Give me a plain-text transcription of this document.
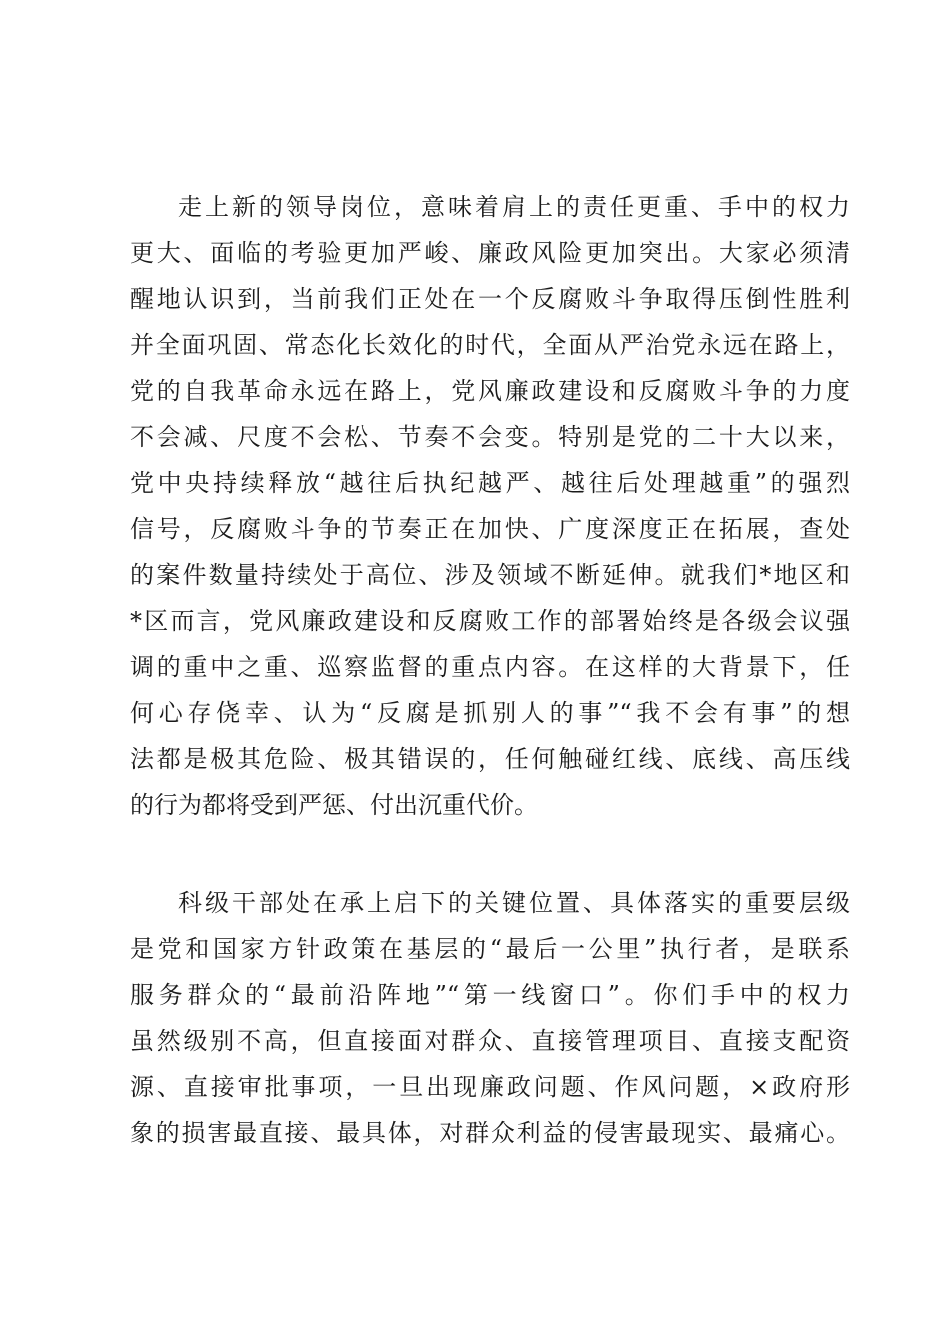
走上新的领导岗位，意味着肩上的责任更重、手中的权力
更大、面临的考验更加严峻、廉政风险更加突出。大家必须清
醒地认识到，当前我们正处在一个反腐败斗争取得压倒性胜利
并全面巩固、常态化长效化的时代，全面从严治党永远在路上，
党的自我革命永远在路上，党风廉政建设和反腐败斗争的力度
不会减、尺度不会松、节奏不会变。特别是党的二十大以来，
党中央持续释放“越往后执纪越严、越往后处理越重”的强烈
信号，反腐败斗争的节奏正在加快、广度深度正在拓展，查处
的案件数量持续处于高位、涉及领域不断延伸。就我们*地区和
*区而言，党风廉政建设和反腐败工作的部署始终是各级会议强
调的重中之重、巡察监督的重点内容。在这样的大背景下，任
何心存侥幸、认为“反腐是抓别人的事”“我不会有事”的想
法都是极其危险、极其错误的，任何触碰红线、底线、高压线
的行为都将受到严惩、付出沉重代价。
科级干部处在承上启下的关键位置、具体落实的重要层级
是党和国家方针政策在基层的“最后一公里”执行者，是联系
服务群众的“最前沿阵地”“第一线窗口”。你们手中的权力
虽然级别不高，但直接面对群众、直接管理项目、直接支配资
源、直接审批事项，一旦出现廉政问题、作风问题，×政府形
象的损害最直接、最具体，对群众利益的侵害最现实、最痛心。
